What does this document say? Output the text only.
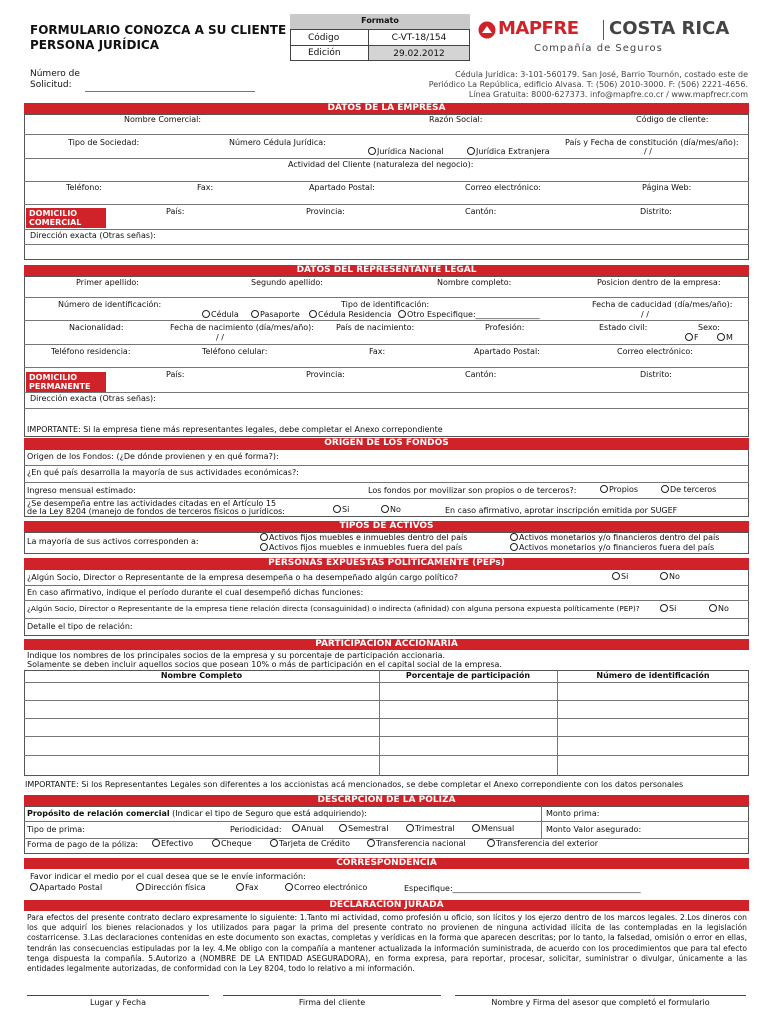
FORMULARIO CONOZCA A SU CLIENTE
PERSONA JURÍDICA
Formato
Código	C-VT-18/154
Edición	29.02.2012
MAPFRE COSTA RICA
Compañía de Seguros
Número de
Solicitud:
Cédula Jurídica: 3-101-560179. San José, Barrio Tournón, costado este de
Periódico La República, edificio Alvasa. T: (506) 2010-3000. F: (506) 2221-4656.
Línea Gratuita: 8000-627373. info@mapfre.co.cr / www.mapfrecr.com
DATOS DE LA EMPRESA
Nombre Comercial:	Razón Social:	Código de cliente:
Tipo de Sociedad:	Número Cédula Jurídica:	País y Fecha de constitución (día/mes/año):
Jurídica Nacional	Jurídica Extranjera	/ /
Actividad del Cliente (naturaleza del negocio):
Teléfono:	Fax:	Apartado Postal:	Correo electrónico:	Página Web:
DOMICILIO COMERCIAL
País:	Provincia:	Cantón:	Distrito:
Dirección exacta (Otras señas):
DATOS DEL REPRESENTANTE LEGAL
Primer apellido:	Segundo apellido:	Nombre completo:	Posicion dentro de la empresa:
Número de identificación:	Tipo de identificación:	Fecha de caducidad (día/mes/año):
Cédula	Pasaporte	Cédula Residencia	Otro Especifique:________________	/ /
Nacionalidad:	Fecha de nacimiento (día/mes/año):	País de nacimiento:	Profesión:	Estado civil:	Sexo:
/ /	F	M
Teléfono residencia:	Teléfono celular:	Fax:	Apartado Postal:	Correo electrónico:
DOMICILIO PERMANENTE
País:	Provincia:	Cantón:	Distrito:
Dirección exacta (Otras señas):
IMPORTANTE: Si la empresa tiene más representantes legales, debe completar el Anexo correpondiente
ORIGEN DE LOS FONDOS
Origen de los Fondos: (¿De dónde provienen y en qué forma?):
¿En qué país desarrolla la mayoría de sus actividades económicas?:
Ingreso mensual estimado:	Los fondos por movilizar son propios o de terceros?:	Propios	De terceros
¿Se desempeña entre las actividades citadas en el Artículo 15
de la Ley 8204 (manejo de fondos de terceros físicos o jurídicos:	Si	No	En caso afirmativo, aprotar inscripción emitida por SUGEF
TIPOS DE ACTIVOS
La mayoría de sus activos corresponden a:	Activos fijos muebles e inmuebles dentro del país
Activos fijos muebles e inmuebles fuera del país
Activos monetarios y/o financieros dentro del país
Activos monetarios y/o financieros fuera del país
PERSONAS EXPUESTAS POLITICAMENTE (PEPs)
¿Algún Socio, Director o Representante de la empresa desempeña o ha desempeñado algún cargo político?	Si	No
En caso afirmativo, indique el período durante el cual desempeñó dichas funciones:
¿Algún Socio, Director o Representante de la empresa tiene relación directa (consaguinidad) o indirecta (afinidad) con alguna persona expuesta políticamente (PEP)?	Si	No
Detalle el tipo de relación:
PARTICIPACIÓN ACCIONARIA
Indique los nombres de los principales socios de la empresa y su porcentaje de participación accionaria.
Solamente se deben incluir aquellos socios que posean 10% o más de participación en el capital social de la empresa.
Nombre Completo	Porcentaje de participación	Número de identificación
IMPORTANTE: Si los Representantes Legales son diferentes a los accionistas acá mencionados, se debe completar el Anexo correpondiente con los datos personales
DESCRPCIÓN DE LA PÓLIZA
Propósito de relación comercial (Indicar el tipo de Seguro que está adquiriendo):	Monto prima:
Tipo de prima:	Periodicidad:	Anual	Semestral	Trimestral	Mensual	Monto Valor asegurado:
Forma de pago de la póliza:	Efectivo	Cheque	Tarjeta de Crédito	Transferencia nacional	Transferencia del exterior
CORRESPONDENCIA
Favor indicar el medio por el cual desea que se le envíe información:
Apartado Postal	Dirección física	Fax	Correo electrónico	Especifique:_______________________________________________
DECLARACIÓN JURADA
Para efectos del presente contrato declaro expresamente lo siguiente: 1.Tanto mi actividad, como profesión u oficio, son lícitos y los ejerzo dentro de los marcos legales. 2.Los dineros con los que adquirí los bienes relacionados y los utilizados para pagar la prima del presente contrato no provienen de ninguna actividad ilícita de las contempladas en la legislación costarricense. 3.Las declaraciones contenidas en este documento son exactas, completas y verídicas en la forma que aparecen descritas; por lo tanto, la falsedad, omisión o error en ellas, tendrán las consecuencias estipuladas por la ley. 4.Me obligo con la compañía a mantener actualizada la información suministrada, de acuerdo con los procedimientos que para tal efecto tenga dispuesta la compañía. 5.Autorizo a (NOMBRE DE LA ENTIDAD ASEGURADORA), en forma expresa, para reportar, procesar, solicitar, suministrar o divulgar, únicamente a las entidades legalmente autorizadas, de conformidad con la Ley 8204, todo lo relativo a mi información.
Lugar y Fecha	Firma del cliente	Nombre y Firma del asesor que completó el formulario
